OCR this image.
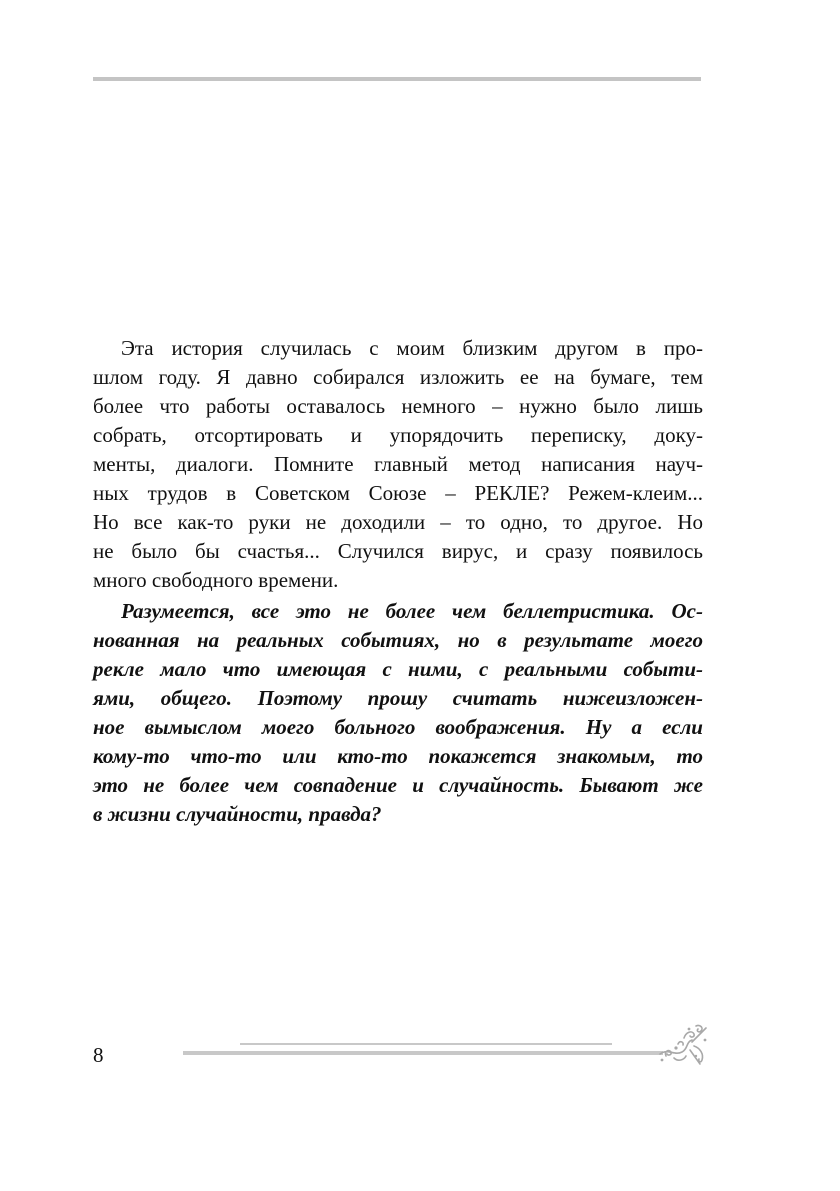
Эта история случилась с моим близким другом в про-
шлом году. Я давно собирался изложить ее на бумаге, тем
более что работы оставалось немного – нужно было лишь
собрать, отсортировать и упорядочить переписку, доку-
менты, диалоги. Помните главный метод написания науч-
ных трудов в Советском Союзе – РЕКЛЕ? Режем-клеим...
Но все как-то руки не доходили – то одно, то другое. Но
не было бы счастья... Случился вирус, и сразу появилось
много свободного времени.
Разумеется, все это не более чем беллетристика. Ос-
нованная на реальных событиях, но в результате моего
рекле мало что имеющая с ними, с реальными событи-
ями, общего. Поэтому прошу считать нижеизложен-
ное вымыслом моего больного воображения. Ну а если
кому-то что-то или кто-то покажется знакомым, то
это не более чем совпадение и случайность. Бывают же
в жизни случайности, правда?
8
